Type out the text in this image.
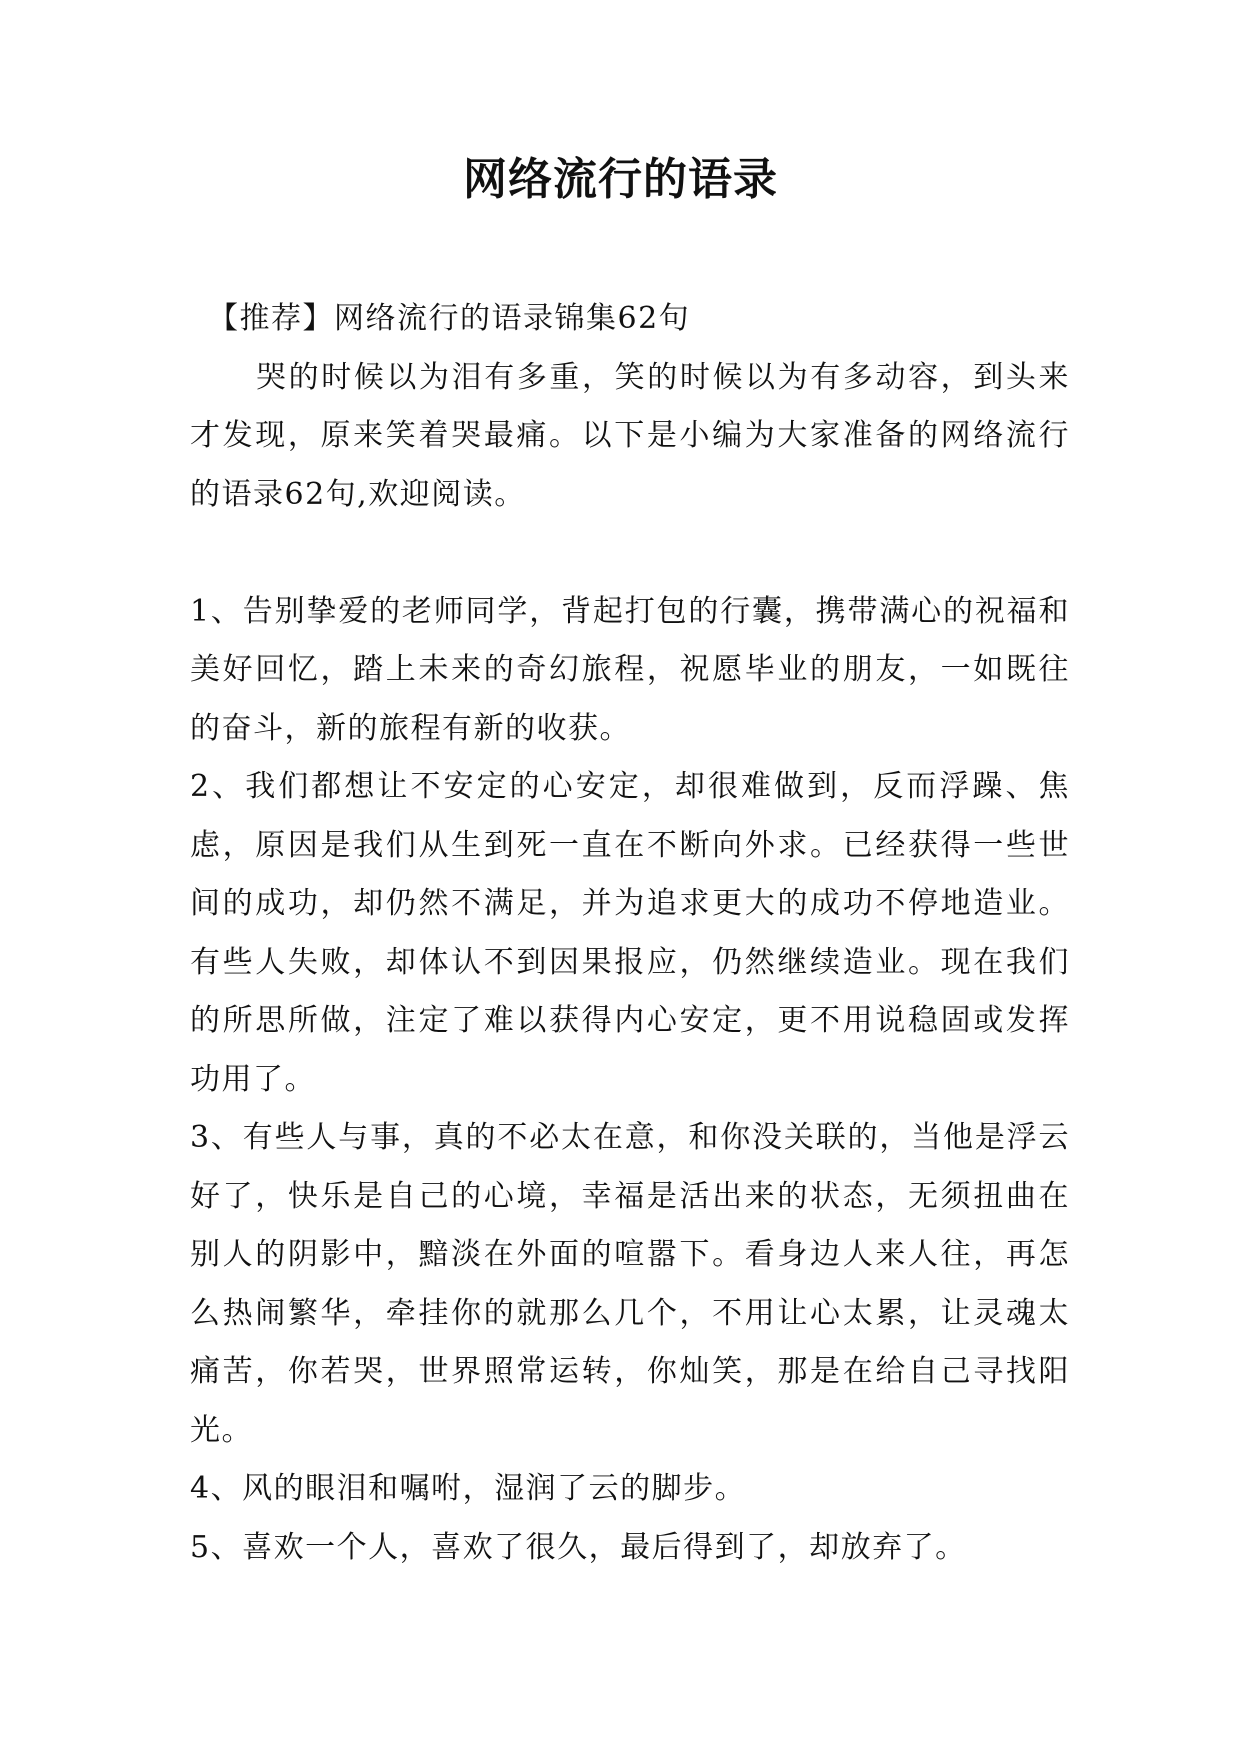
网络流行的语录

【推荐】网络流行的语录锦集62句

哭的时候以为泪有多重，笑的时候以为有多动容，到头来才发现，原来笑着哭最痛。以下是小编为大家准备的网络流行的语录62句,欢迎阅读。

1、告别挚爱的老师同学，背起打包的行囊，携带满心的祝福和美好回忆，踏上未来的奇幻旅程，祝愿毕业的朋友，一如既往的奋斗，新的旅程有新的收获。

2、我们都想让不安定的心安定，却很难做到，反而浮躁、焦虑，原因是我们从生到死一直在不断向外求。已经获得一些世间的成功，却仍然不满足，并为追求更大的成功不停地造业。有些人失败，却体认不到因果报应，仍然继续造业。现在我们的所思所做，注定了难以获得内心安定，更不用说稳固或发挥功用了。

3、有些人与事，真的不必太在意，和你没关联的，当他是浮云好了，快乐是自己的心境，幸福是活出来的状态，无须扭曲在别人的阴影中，黯淡在外面的喧嚣下。看身边人来人往，再怎么热闹繁华，牵挂你的就那么几个，不用让心太累，让灵魂太痛苦，你若哭，世界照常运转，你灿笑，那是在给自己寻找阳光。

4、风的眼泪和嘱咐，湿润了云的脚步。

5、喜欢一个人，喜欢了很久，最后得到了，却放弃了。
